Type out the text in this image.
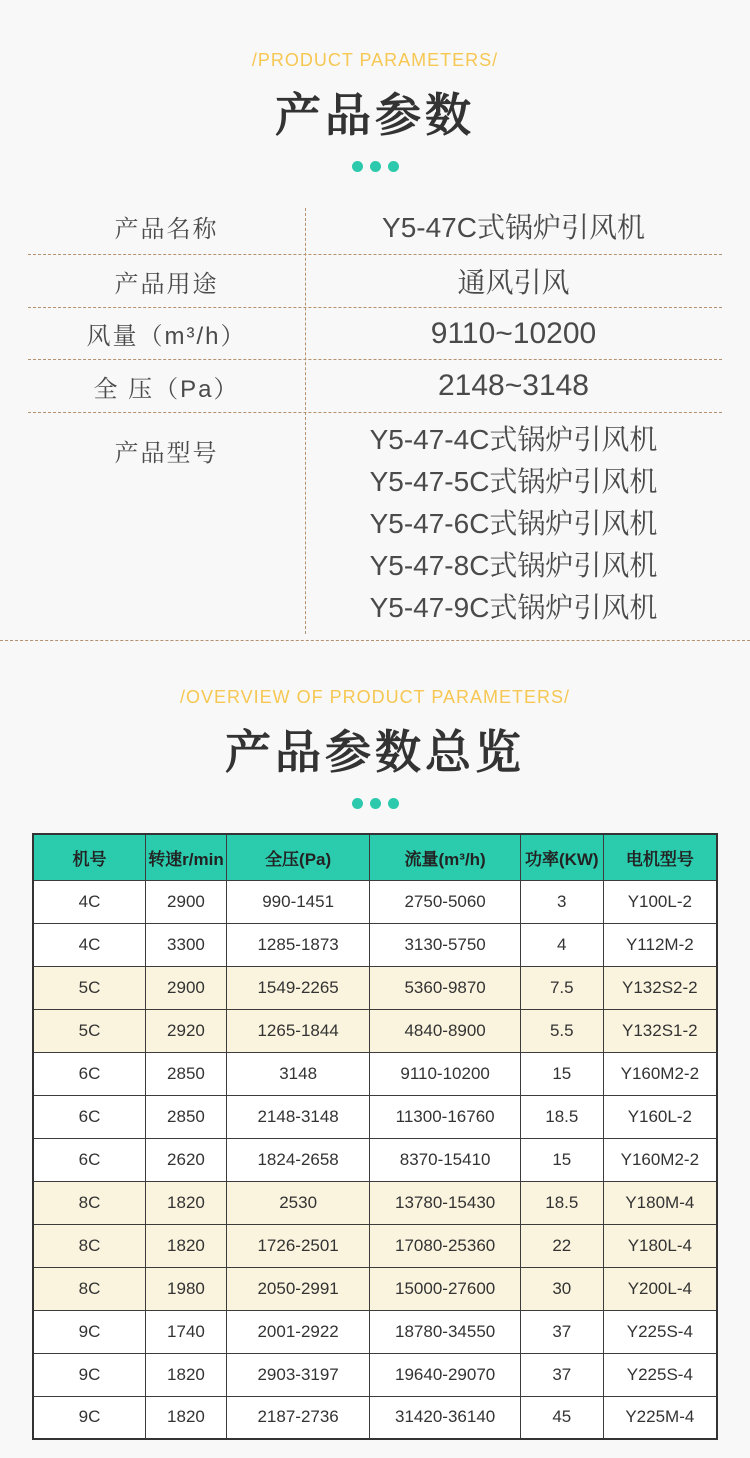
/PRODUCT PARAMETERS/
产品参数
产品名称	Y5-47C式锅炉引风机
产品用途	通风引风
风量（m³/h）	9110~10200
全 压（Pa）	2148~3148
产品型号	Y5-47-4C式锅炉引风机
Y5-47-5C式锅炉引风机
Y5-47-6C式锅炉引风机
Y5-47-8C式锅炉引风机
Y5-47-9C式锅炉引风机
/OVERVIEW OF PRODUCT PARAMETERS/
产品参数总览
机号	转速r/min	全压(Pa)	流量(m³/h)	功率(KW)	电机型号
4C	2900	990-1451	2750-5060	3	Y100L-2
4C	3300	1285-1873	3130-5750	4	Y112M-2
5C	2900	1549-2265	5360-9870	7.5	Y132S2-2
5C	2920	1265-1844	4840-8900	5.5	Y132S1-2
6C	2850	3148	9110-10200	15	Y160M2-2
6C	2850	2148-3148	11300-16760	18.5	Y160L-2
6C	2620	1824-2658	8370-15410	15	Y160M2-2
8C	1820	2530	13780-15430	18.5	Y180M-4
8C	1820	1726-2501	17080-25360	22	Y180L-4
8C	1980	2050-2991	15000-27600	30	Y200L-4
9C	1740	2001-2922	18780-34550	37	Y225S-4
9C	1820	2903-3197	19640-29070	37	Y225S-4
9C	1820	2187-2736	31420-36140	45	Y225M-4
